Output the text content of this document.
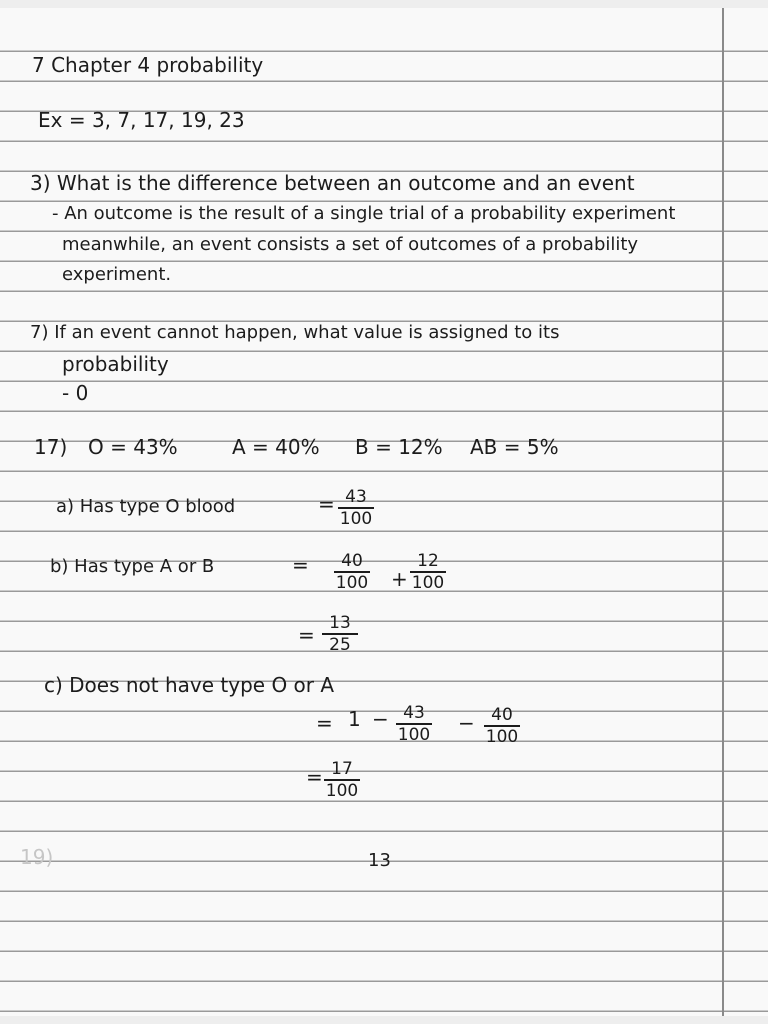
7 Chapter 4 probability
Ex = 3, 7, 17, 19, 23
3) What is the difference between an outcome and an event
- An outcome is the result of a single trial of a probability experiment
meanwhile, an event consists a set of outcomes of a probability
experiment.
7) If an event cannot happen, what value is assigned to its
probability
- 0
17) O = 43%	A = 40% B = 12% AB = 5%
a) Has type O blood	= 43
100
b) Has type A or B	= 40
100 +
12
100
= 13
25
c) Does not have type O or A
= 1 − 43
100 − 40
100
= 17
100
19)	13
